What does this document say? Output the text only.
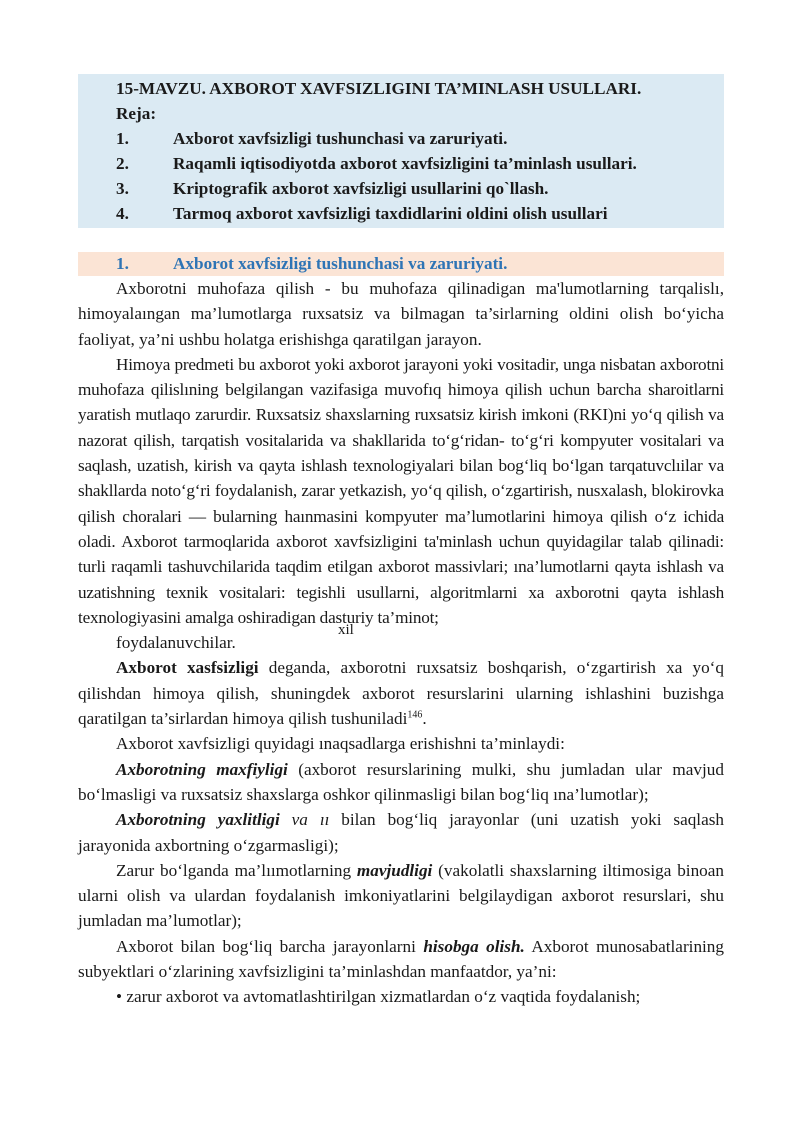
15-MAVZU. AXBOROT XAVFSIZLIGINI TA’MINLASH USULLARI.
Reja:
1.	Axborot xavfsizligi tushunchasi va zaruriyati.
2.	Raqamli iqtisodiyotda axborot xavfsizligini ta’minlash usullari.
3.	Kriptografik axborot xavfsizligi usullarini qo`llash.
4.	Tarmoq axborot xavfsizligi taxdidlarini oldini olish usullari
1.	Axborot xavfsizligi tushunchasi va zaruriyati.

Axborotni muhofaza qilish - bu muhofaza qilinadigan ma'lumotlarning tarqalislı, himoyalaıngan ma’lumotlarga ruxsatsiz va bilmagan ta’sirlarning oldini olish bo‘yicha faoliyat, ya’ni ushbu holatga erishishga qaratilgan jarayon.

Himoya predmeti bu axborot yoki axborot jarayoni yoki vositadir, unga nisbatan axborotni muhofaza qilislıning belgilangan vazifasiga muvofıq himoya qilish uchun barcha sharoitlarni yaratish mutlaqo zarurdir. Ruxsatsiz shaxslarning ruxsatsiz kirish imkoni (RKI)ni yo‘q qilish va nazorat qilish, tarqatish vositalarida va shakllarida to‘g‘ridan- to‘g‘ri kompyuter vositalari va saqlash, uzatish, kirish va qayta ishlash texnologiyalari bilan bog‘liq bo‘lgan tarqatuvclıilar va shakllarda noto‘g‘ri foydalanish, zarar yetkazish, yo‘q qilish, o‘zgartirish, nusxalash, blokirovka qilish choralari — bularning haınmasini kompyuter ma’lumotlarini himoya qilish o‘z ichida oladi. Axborot tarmoqlarida axborot xavfsizligini ta'minlash uchun quyidagilar talab qilinadi: turli raqamli tashuvchilarida taqdim etilgan axborot massivlari; ına’lumotlarni qayta ishlash va uzatishning texnik vositalari: tegishli usullarni, algoritmlarni xa axborotni qayta ishlash texnologiyasini amalga oshiradigan dasturiy ta’minot;

xil
foydalanuvchilar.

Axborot xasfsizligi deganda, axborotni ruxsatsiz boshqarish, o‘zgartirish xa yo‘q qilishdan himoya qilish, shuningdek axborot resurslarini ularning ishlashini buzishga qaratilgan ta’sirlardan himoya qilish tushuniladi$^{146}$.

Axborot xavfsizligi quyidagi ınaqsadlarga erishishni ta’minlaydi:

Axborotning maxfiyligi (axborot resurslarining mulki, shu jumladan ular mavjud bo‘lmasligi va ruxsatsiz shaxslarga oshkor qilinmasligi bilan bog‘liq ına’lumotlar);

Axborotning yaxlitligi va ıı bilan bog‘liq jarayonlar (uni uzatish yoki saqlash jarayonida axbortning o‘zgarmasligi);

Zarur bo‘lganda ma’lıımotlarning mavjudligi (vakolatli shaxslarning iltimosiga binoan ularni olish va ulardan foydalanish imkoniyatlarini belgilaydigan axborot resurslari, shu jumladan ma’lumotlar);

Axborot bilan bog‘liq barcha jarayonlarni hisobga olish. Axborot munosabatlarining subyektlari o‘zlarining xavfsizligini ta’minlashdan manfaatdor, ya’ni:

• zarur axborot va avtomatlashtirilgan xizmatlardan o‘z vaqtida foydalanish;
